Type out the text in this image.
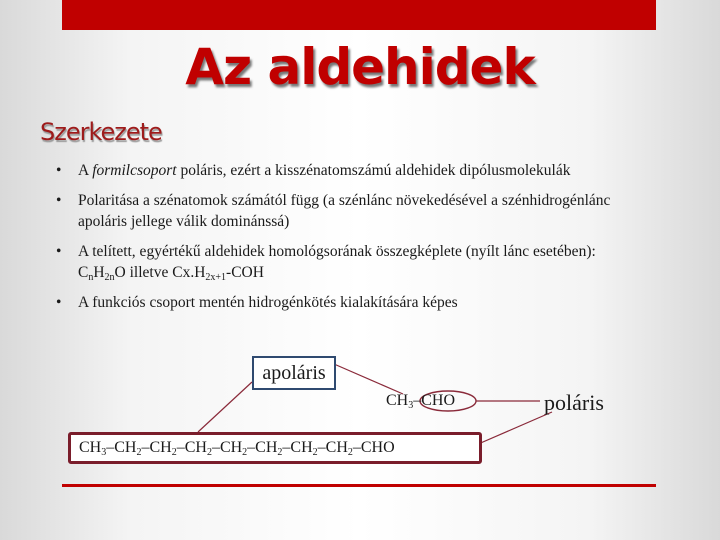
Az aldehidek
Szerkezete
• A formilcsoport poláris, ezért a kisszénatomszámú aldehidek dipólusmolekulák
• Polaritása a szénatomok számától függ (a szénlánc növekedésével a szénhidrogénlánc apoláris jellege válik dominánssá)
• A telített, egyértékű aldehidek homológsorának összegképlete (nyílt lánc esetében): $C_nH_{2n}O$ illetve $Cx.H_{2x+1}$-COH
• A funkciós csoport mentén hidrogénkötés kialakítására képes
apoláris
$CH_3$–CHO	poláris
$CH_3-CH_2-CH_2-CH_2-CH_2-CH_2-CH_2-CH_2$–CHO
